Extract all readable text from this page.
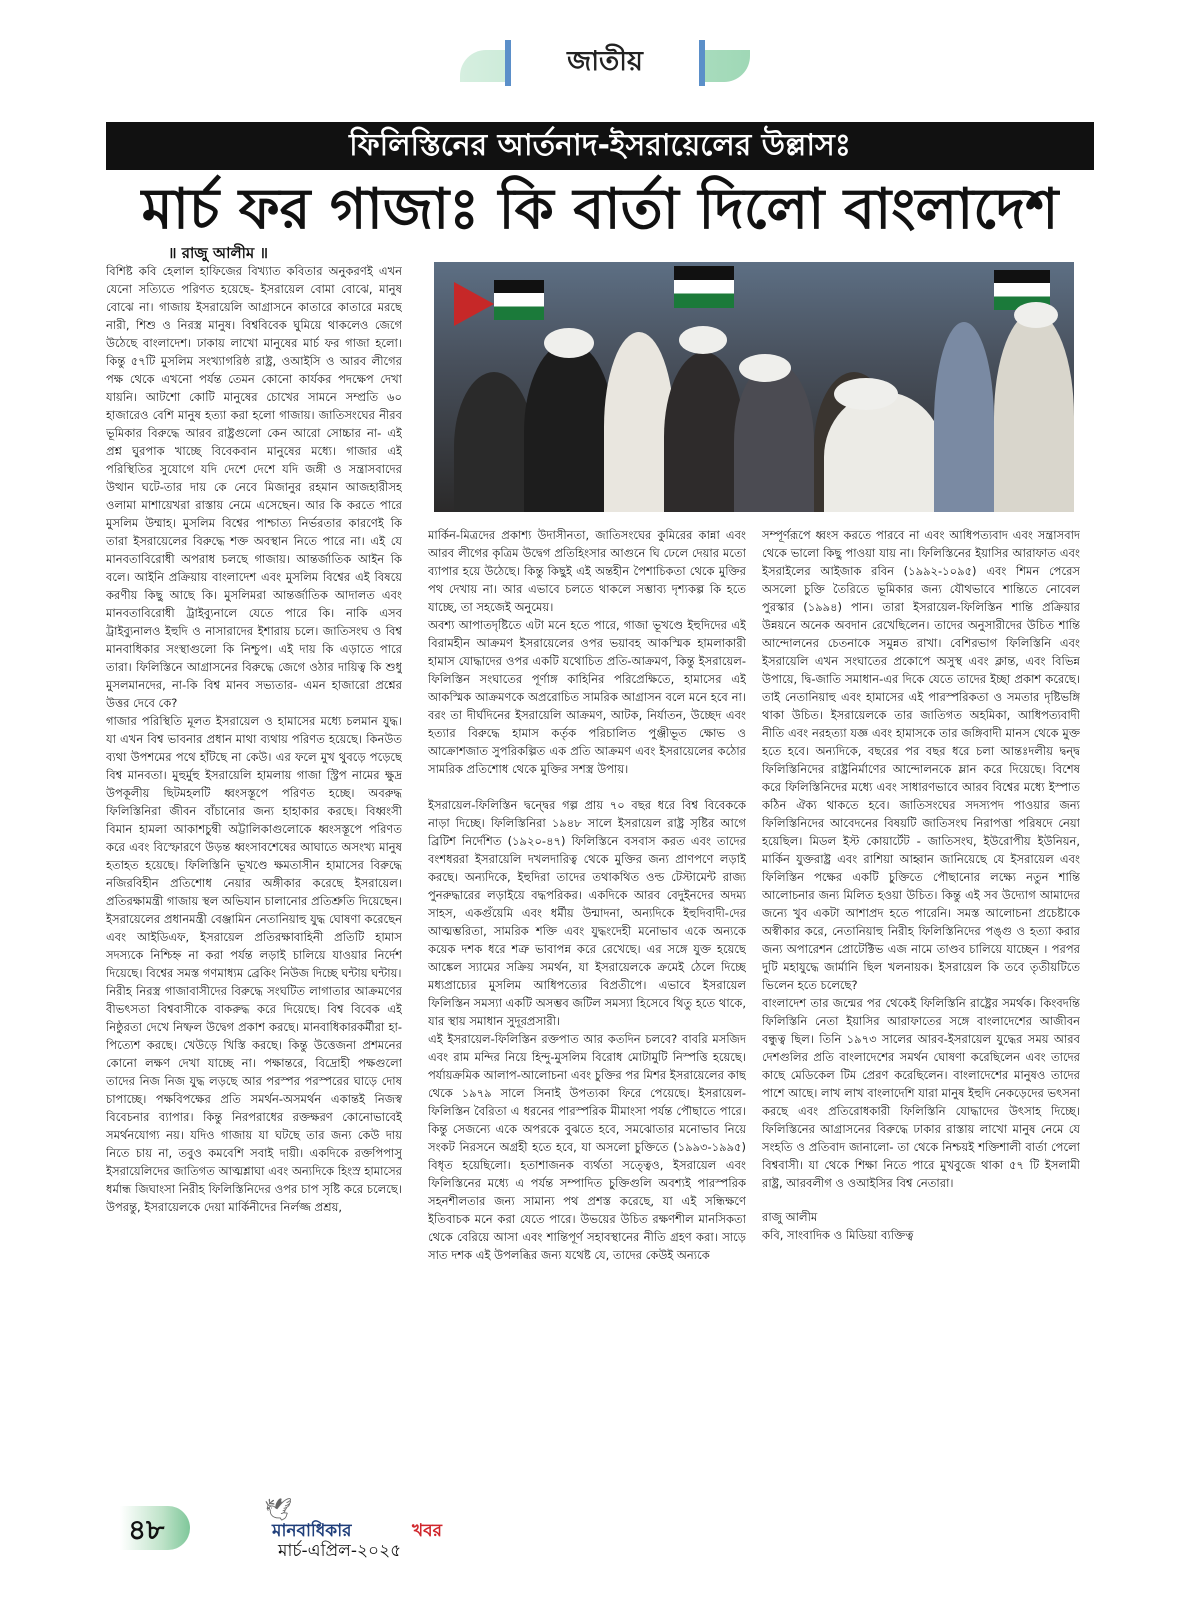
জাতীয়
ফিলিস্তিনের আর্তনাদ-ইসরায়েলের উল্লাসঃ
মার্চ ফর গাজাঃ কি বার্তা দিলো বাংলাদেশ
॥ রাজু আলীম ॥

বিশিষ্ট কবি হেলাল হাফিজের বিখ্যাত কবিতার অনুকরণই এখন যেনো সত্যিতে পরিণত হয়েছে- ইসরায়েল বোমা বোঝে, মানুষ বোঝে না। গাজায় ইসরায়েলি আগ্রাসনে কাতারে কাতারে মরছে নারী, শিশু ও নিরস্ত্র মানুষ। বিশ্ববিবেক ঘুমিয়ে থাকলেও জেগে উঠেছে বাংলাদেশ। ঢাকায় লাখো মানুষের মার্চ ফর গাজা হলো। কিন্তু ৫৭টি মুসলিম সংখ্যাগরিষ্ঠ রাষ্ট্র, ওআইসি ও আরব লীগের পক্ষ থেকে এখনো পর্যন্ত তেমন কোনো কার্যকর পদক্ষেপ দেখা যায়নি। আটশো কোটি মানুষের চোখের সামনে সম্প্রতি ৬০ হাজারেও বেশি মানুষ হত্যা করা হলো গাজায়। জাতিসংঘের নীরব ভূমিকার বিরুদ্ধে আরব রাষ্ট্রগুলো কেন আরো সোচ্চার না- এই প্রশ্ন ঘুরপাক খাচ্ছে বিবেকবান মানুষের মধ্যে। গাজার এই পরিস্থিতির সুযোগে যদি দেশে দেশে যদি জঙ্গী ও সন্ত্রাসবাদের উত্থান ঘটে-তার দায় কে নেবে মিজানুর রহমান আজহারীসহ ওলামা মাশায়েখরা রাস্তায় নেমে এসেছেন। আর কি করতে পারে মুসলিম উম্মাহ। মুসলিম বিশ্বের পাশ্চাত্য নির্ভরতার কারণেই কি তারা ইসরায়েলের বিরুদ্ধে শক্ত অবস্থান নিতে পারে না। এই যে মানবতাবিরোধী অপরাধ চলছে গাজায়। আন্তর্জাতিক আইন কি বলে। আইনি প্রক্রিয়ায় বাংলাদেশ এবং মুসলিম বিশ্বের এই বিষয়ে করণীয় কিছু আছে কি। মুসলিমরা আন্তর্জাতিক আদালত এবং মানবতাবিরোধী ট্রাইব্যুনালে যেতে পারে কি। নাকি এসব ট্রাইব্যুনালও ইহুদি ও নাসারাদের ইশারায় চলে। জাতিসংঘ ও বিশ্ব মানবাধিকার সংস্থাগুলো কি নিশ্চুপ। এই দায় কি এড়াতে পারে তারা। ফিলিস্তিনে আগ্রাসনের বিরুদ্ধে জেগে ওঠার দায়িত্ব কি শুধু মুসলমানদের, না-কি বিশ্ব মানব সভ্যতার- এমন হাজারো প্রশ্নের উত্তর দেবে কে?

গাজার পরিস্থিতি মূলত ইসরায়েল ও হামাসের মধ্যে চলমান যুদ্ধ। যা এখন বিশ্ব ভাবনার প্রধান মাথা ব্যথায় পরিণত হয়েছে। কিনউত ব্যথা উপশমের পথে হাঁটছে না কেউ। এর ফলে মুখ থুবড়ে পড়েছে বিশ্ব মানবতা। মুহুর্মুহু ইসরায়েলি হামলায় গাজা স্ট্রিপ নামের ক্ষুদ্র উপকূলীয় ছিটমহলটি ধ্বংসস্তূপে পরিণত হচ্ছে। অবরুদ্ধ ফিলিস্তিনিরা জীবন বাঁচানোর জন্য হাহাকার করছে। বিধ্বংসী বিমান হামলা আকাশচুম্বী অট্টালিকাগুলোকে ধ্বংসস্তূপে পরিণত করে এবং বিস্ফোরণে উড়ন্ত ধ্বংসাবশেষের আঘাতে অসংখ্য মানুষ হতাহত হয়েছে। ফিলিস্তিনি ভূখণ্ডে ক্ষমতাসীন হামাসের বিরুদ্ধে নজিরবিহীন প্রতিশোধ নেয়ার অঙ্গীকার করেছে ইসরায়েল। প্রতিরক্ষামন্ত্রী গাজায় স্থল অভিযান চালানোর প্রতিশ্রুতি দিয়েছেন। ইসরায়েলের প্রধানমন্ত্রী বেঞ্জামিন নেতানিয়াহু যুদ্ধ ঘোষণা করেছেন এবং আইডিএফ, ইসরায়েল প্রতিরক্ষাবাহিনী প্রতিটি হামাস সদস্যকে নিশ্চিহ্ন না করা পর্যন্ত লড়াই চালিয়ে যাওয়ার নির্দেশ দিয়েছে। বিশ্বের সমস্ত গণমাধ্যম ব্রেকিং নিউজ দিচ্ছে ঘন্টায় ঘন্টায়।

নিরীহ নিরস্ত্র গাজাবাসীদের বিরুদ্ধে সংঘটিত লাগাতার আক্রমণের বীভৎসতা বিশ্ববাসীকে বাকরুদ্ধ করে দিয়েছে। বিশ্ব বিবেক এই নিষ্ঠুরতা দেখে নিষ্ফল উদ্বেগ প্রকাশ করছে। মানবাধিকারকর্মীরা হা-পিত্যেশ করছে। খেউড়ে খিস্তি করছে। কিন্তু উত্তেজনা প্রশমনের কোনো লক্ষণ দেখা যাচ্ছে না। পক্ষান্তরে, বিদ্রোহী পক্ষগুলো তাদের নিজ নিজ যুদ্ধ লড়ছে আর পরস্পর পরস্পরের ঘাড়ে দোষ চাপাচ্ছে। পক্ষবিপক্ষের প্রতি সমর্থন-অসমর্থন একান্তই নিজস্ব বিবেচনার ব্যাপার। কিন্তু নিরপরাধের রক্তক্ষরণ কোনোভাবেই সমর্থনযোগ্য নয়। যদিও গাজায় যা ঘটছে তার জন্য কেউ দায় নিতে চায় না, তবুও কমবেশি সবাই দায়ী। একদিকে রক্তপিপাসু ইসরায়েলিদের জাতিগত আত্মশ্লাঘা এবং অন্যদিকে হিংস্র হামাসের ধর্মান্ধ জিঘাংসা নিরীহ ফিলিস্তিনিদের ওপর চাপ সৃষ্টি করে চলেছে। উপরন্তু, ইসরায়েলকে দেয়া মার্কিনীদের নির্লজ্জ প্রশ্রয়,

মার্কিন-মিত্রদের প্রকাশ্য উদাসীনতা, জাতিসংঘের কুমিরের কান্না এবং আরব লীগের কৃত্রিম উদ্বেগ প্রতিহিংসার আগুনে ঘি ঢেলে দেয়ার মতো ব্যাপার হয়ে উঠেছে। কিন্তু কিছুই এই অন্তহীন পৈশাচিকতা থেকে মুক্তির পথ দেখায় না। আর এভাবে চলতে থাকলে সম্ভাব্য দৃশ্যকল্প কি হতে যাচ্ছে, তা সহজেই অনুমেয়।

অবশ্য আপাতদৃষ্টিতে এটা মনে হতে পারে, গাজা ভূখণ্ডে ইহুদিদের এই বিরামহীন আক্রমণ ইসরায়েলের ওপর ভয়াবহ আকস্মিক হামলাকারী হামাস যোদ্ধাদের ওপর একটি যথোচিত প্রতি-আক্রমণ, কিন্তু ইসরায়েল-ফিলিস্তিন সংঘাতের পূর্ণাঙ্গ কাহিনির পরিপ্রেক্ষিতে, হামাসের এই আকস্মিক আক্রমণকে অপ্ররোচিত সামরিক আগ্রাসন বলে মনে হবে না। বরং তা দীর্ঘদিনের ইসরায়েলি আক্রমণ, আটক, নির্যাতন, উচ্ছেদ এবং হত্যার বিরুদ্ধে হামাস কর্তৃক পরিচালিত পুঞ্জীভূত ক্ষোভ ও আক্রোশজাত সুপরিকল্পিত এক প্রতি আক্রমণ এবং ইসরায়েলের কঠোর সামরিক প্রতিশোধ থেকে মুক্তির সশস্ত্র উপায়।

ইসরায়েল-ফিলিস্তিন দ্বন্দ্বের গল্প প্রায় ৭০ বছর ধরে বিশ্ব বিবেককে নাড়া দিচ্ছে। ফিলিস্তিনিরা ১৯৪৮ সালে ইসরায়েল রাষ্ট্র সৃষ্টির আগে ব্রিটিশ নির্দেশিত (১৯২০-৪৭) ফিলিস্তিনে বসবাস করত এবং তাদের বংশধররা ইসরায়েলি দখলদারিত্ব থেকে মুক্তির জন্য প্রাণপণে লড়াই করছে। অন্যদিকে, ইহুদিরা তাদের তথাকথিত ওল্ড টেস্টামেন্ট রাজ্য পুনরুদ্ধারের লড়াইয়ে বদ্ধপরিকর। একদিকে আরব বেদুইনদের অদম্য সাহস, একগুঁয়েমি এবং ধর্মীয় উন্মাদনা, অন্যদিকে ইহুদিবাদী-দের আত্মম্ভরিতা, সামরিক শক্তি এবং যুদ্ধংদেহী মনোভাব একে অন্যকে কয়েক দশক ধরে শত্রু ভাবাপন্ন করে রেখেছে। এর সঙ্গে যুক্ত হয়েছে আঙ্কেল স্যামের সক্রিয় সমর্থন, যা ইসরায়েলকে ক্রমেই ঠেলে দিচ্ছে মধ্যপ্রাচ্যের মুসলিম আধিপত্যের বিপ্রতীপে। এভাবে ইসরায়েল ফিলিস্তিন সমস্যা একটি অসম্ভব জটিল সমস্যা হিসেবে থিতু হতে থাকে, যার স্থায় সমাধান সুদূরপ্রসারী।

এই ইসরায়েল-ফিলিস্তিন রক্তপাত আর কতদিন চলবে? বাবরি মসজিদ এবং রাম মন্দির নিয়ে হিন্দু-মুসলিম বিরোধ মোটামুটি নিস্পত্তি হয়েছে। পর্যায়ক্রমিক আলাপ-আলোচনা এবং চুক্তির পর মিশর ইসরায়েলের কাছ থেকে ১৯৭৯ সালে সিনাই উপত্যকা ফিরে পেয়েছে। ইসরায়েল-ফিলিস্তিন বৈরিতা এ ধরনের পারস্পরিক মীমাংসা পর্যন্ত পৌছাতে পারে। কিন্তু সেজন্যে একে অপরকে বুঝতে হবে, সমঝোতার মনোভাব নিয়ে সংকট নিরসনে অগ্রহী হতে হবে, যা অসলো চুক্তিতে (১৯৯৩-১৯৯৫) বিধৃত হয়েছিলো। হতাশাজনক ব্যর্থতা সত্ত্বেও, ইসরায়েল এবং ফিলিস্তিনের মধ্যে এ পর্যন্ত সম্পাদিত চুক্তিগুলি অবশ্যই পারস্পরিক সহনশীলতার জন্য সামান্য পথ প্রশস্ত করেছে, যা এই সন্ধিক্ষণে ইতিবাচক মনে করা যেতে পারে। উভয়ের উচিত রক্ষণশীল মানসিকতা থেকে বেরিয়ে আসা এবং শান্তিপূর্ণ সহাবস্থানের নীতি গ্রহণ করা। সাড়ে সাত দশক এই উপলব্ধির জন্য যথেষ্ট যে, তাদের কেউই অন্যকে

সম্পূর্ণরূপে ধ্বংস করতে পারবে না এবং আধিপত্যবাদ এবং সন্ত্রাসবাদ থেকে ভালো কিছু পাওয়া যায় না। ফিলিস্তিনের ইয়াসির আরাফাত এবং ইসরাইলের আইজাক রবিন (১৯৯২-১০৯৫) এবং শিমন পেরেস অসলো চুক্তি তৈরিতে ভূমিকার জন্য যৌথভাবে শান্তিতে নোবেল পুরস্কার (১৯৯৪) পান। তারা ইসরায়েল-ফিলিস্তিন শান্তি প্রক্রিয়ার উন্নয়নে অনেক অবদান রেখেছিলেন। তাদের অনুসারীদের উচিত শান্তি আন্দোলনের চেতনাকে সমুন্নত রাখা। বেশিরভাগ ফিলিস্তিনি এবং ইসরায়েলি এখন সংঘাতের প্রকোপে অসুস্থ এবং ক্লান্ত, এবং বিভিন্ন উপায়ে, দ্বি-জাতি সমাধান-এর দিকে যেতে তাদের ইচ্ছা প্রকাশ করেছে। তাই নেতানিয়াহু এবং হামাসের এই পারস্পরিকতা ও সমতার দৃষ্টিভঙ্গি থাকা উচিত। ইসরায়েলকে তার জাতিগত অহমিকা, আধিপত্যবাদী নীতি এবং নরহত্যা যজ্ঞ এবং হামাসকে তার জঙ্গিবাদী মানস থেকে মুক্ত হতে হবে। অন্যদিকে, বছরের পর বছর ধরে চলা আন্তঃদলীয় দ্বন্দ্ব ফিলিস্তিনিদের রাষ্ট্রনির্মাণের আন্দোলনকে ম্লান করে দিয়েছে। বিশেষ করে ফিলিস্তিনিদের মধ্যে এবং সাধারণভাবে আরব বিশ্বের মধ্যে ইস্পাত কঠিন ঐক্য থাকতে হবে। জাতিসংঘের সদস্যপদ পাওয়ার জন্য ফিলিস্তিনিদের আবেদনের বিষয়টি জাতিসংঘ নিরাপত্তা পরিষদে নেয়া হয়েছিল। মিডল ইস্ট কোয়ার্টেট - জাতিসংঘ, ইউরোপীয় ইউনিয়ন, মার্কিন যুক্তরাষ্ট্র এবং রাশিয়া আহ্বান জানিয়েছে যে ইসরায়েল এবং ফিলিস্তিন পক্ষের একটি চুক্তিতে পৌছানোর লক্ষ্যে নতুন শান্তি আলোচনার জন্য মিলিত হওয়া উচিত। কিন্তু এই সব উদ্যোগ আমাদের জন্যে খুব একটা আশাপ্রদ হতে পারেনি। সমস্ত আলোচনা প্রচেষ্টাকে অস্বীকার করে, নেতানিয়াহু নিরীহ ফিলিস্তিনিদের পঙ্গু ও হত্যা করার জন্য অপারেশন প্রোটেক্টিভ এজ নামে তাণ্ডব চালিয়ে যাচ্ছেন । পরপর দুটি মহাযুদ্ধে জার্মানি ছিল খলনায়ক। ইসরায়েল কি তবে তৃতীয়টিতে ভিলেন হতে চলেছে?

বাংলাদেশ তার জন্মের পর থেকেই ফিলিস্তিনি রাষ্ট্রের সমর্থক। কিংবদন্তি ফিলিস্তিনি নেতা ইয়াসির আরাফাতের সঙ্গে বাংলাদেশের আজীবন বন্ধুত্ব ছিল। তিনি ১৯৭৩ সালের আরব-ইসরায়েল যুদ্ধের সময় আরব দেশগুলির প্রতি বাংলাদেশের সমর্থন ঘোষণা করেছিলেন এবং তাদের কাছে মেডিকেল টিম প্রেরণ করেছিলেন। বাংলাদেশের মানুষও তাদের পাশে আছে। লাখ লাখ বাংলাদেশি যারা মানুষ ইহুদি নেকড়েদের ভৎসনা করছে এবং প্রতিরোধকারী ফিলিস্তিনি যোদ্ধাদের উৎসাহ দিচ্ছে। ফিলিস্তিনের আগ্রাসনের বিরুদ্ধে ঢাকার রাস্তায় লাখো মানুষ নেমে যে সংহতি ও প্রতিবাদ জানালো- তা থেকে নিশ্চয়ই শক্তিশালী বার্তা পেলো বিশ্ববাসী। যা থেকে শিক্ষা নিতে পারে মুখবুজে থাকা ৫৭ টি ইসলামী রাষ্ট্র, আরবলীগ ও ওআইসির বিশ্ব নেতারা।

রাজু আলীম

কবি, সাংবাদিক ও মিডিয়া ব্যক্তিত্ব

৪৮
🕊
মানবাধিকার	খবর
মার্চ-এপ্রিল-২০২৫
